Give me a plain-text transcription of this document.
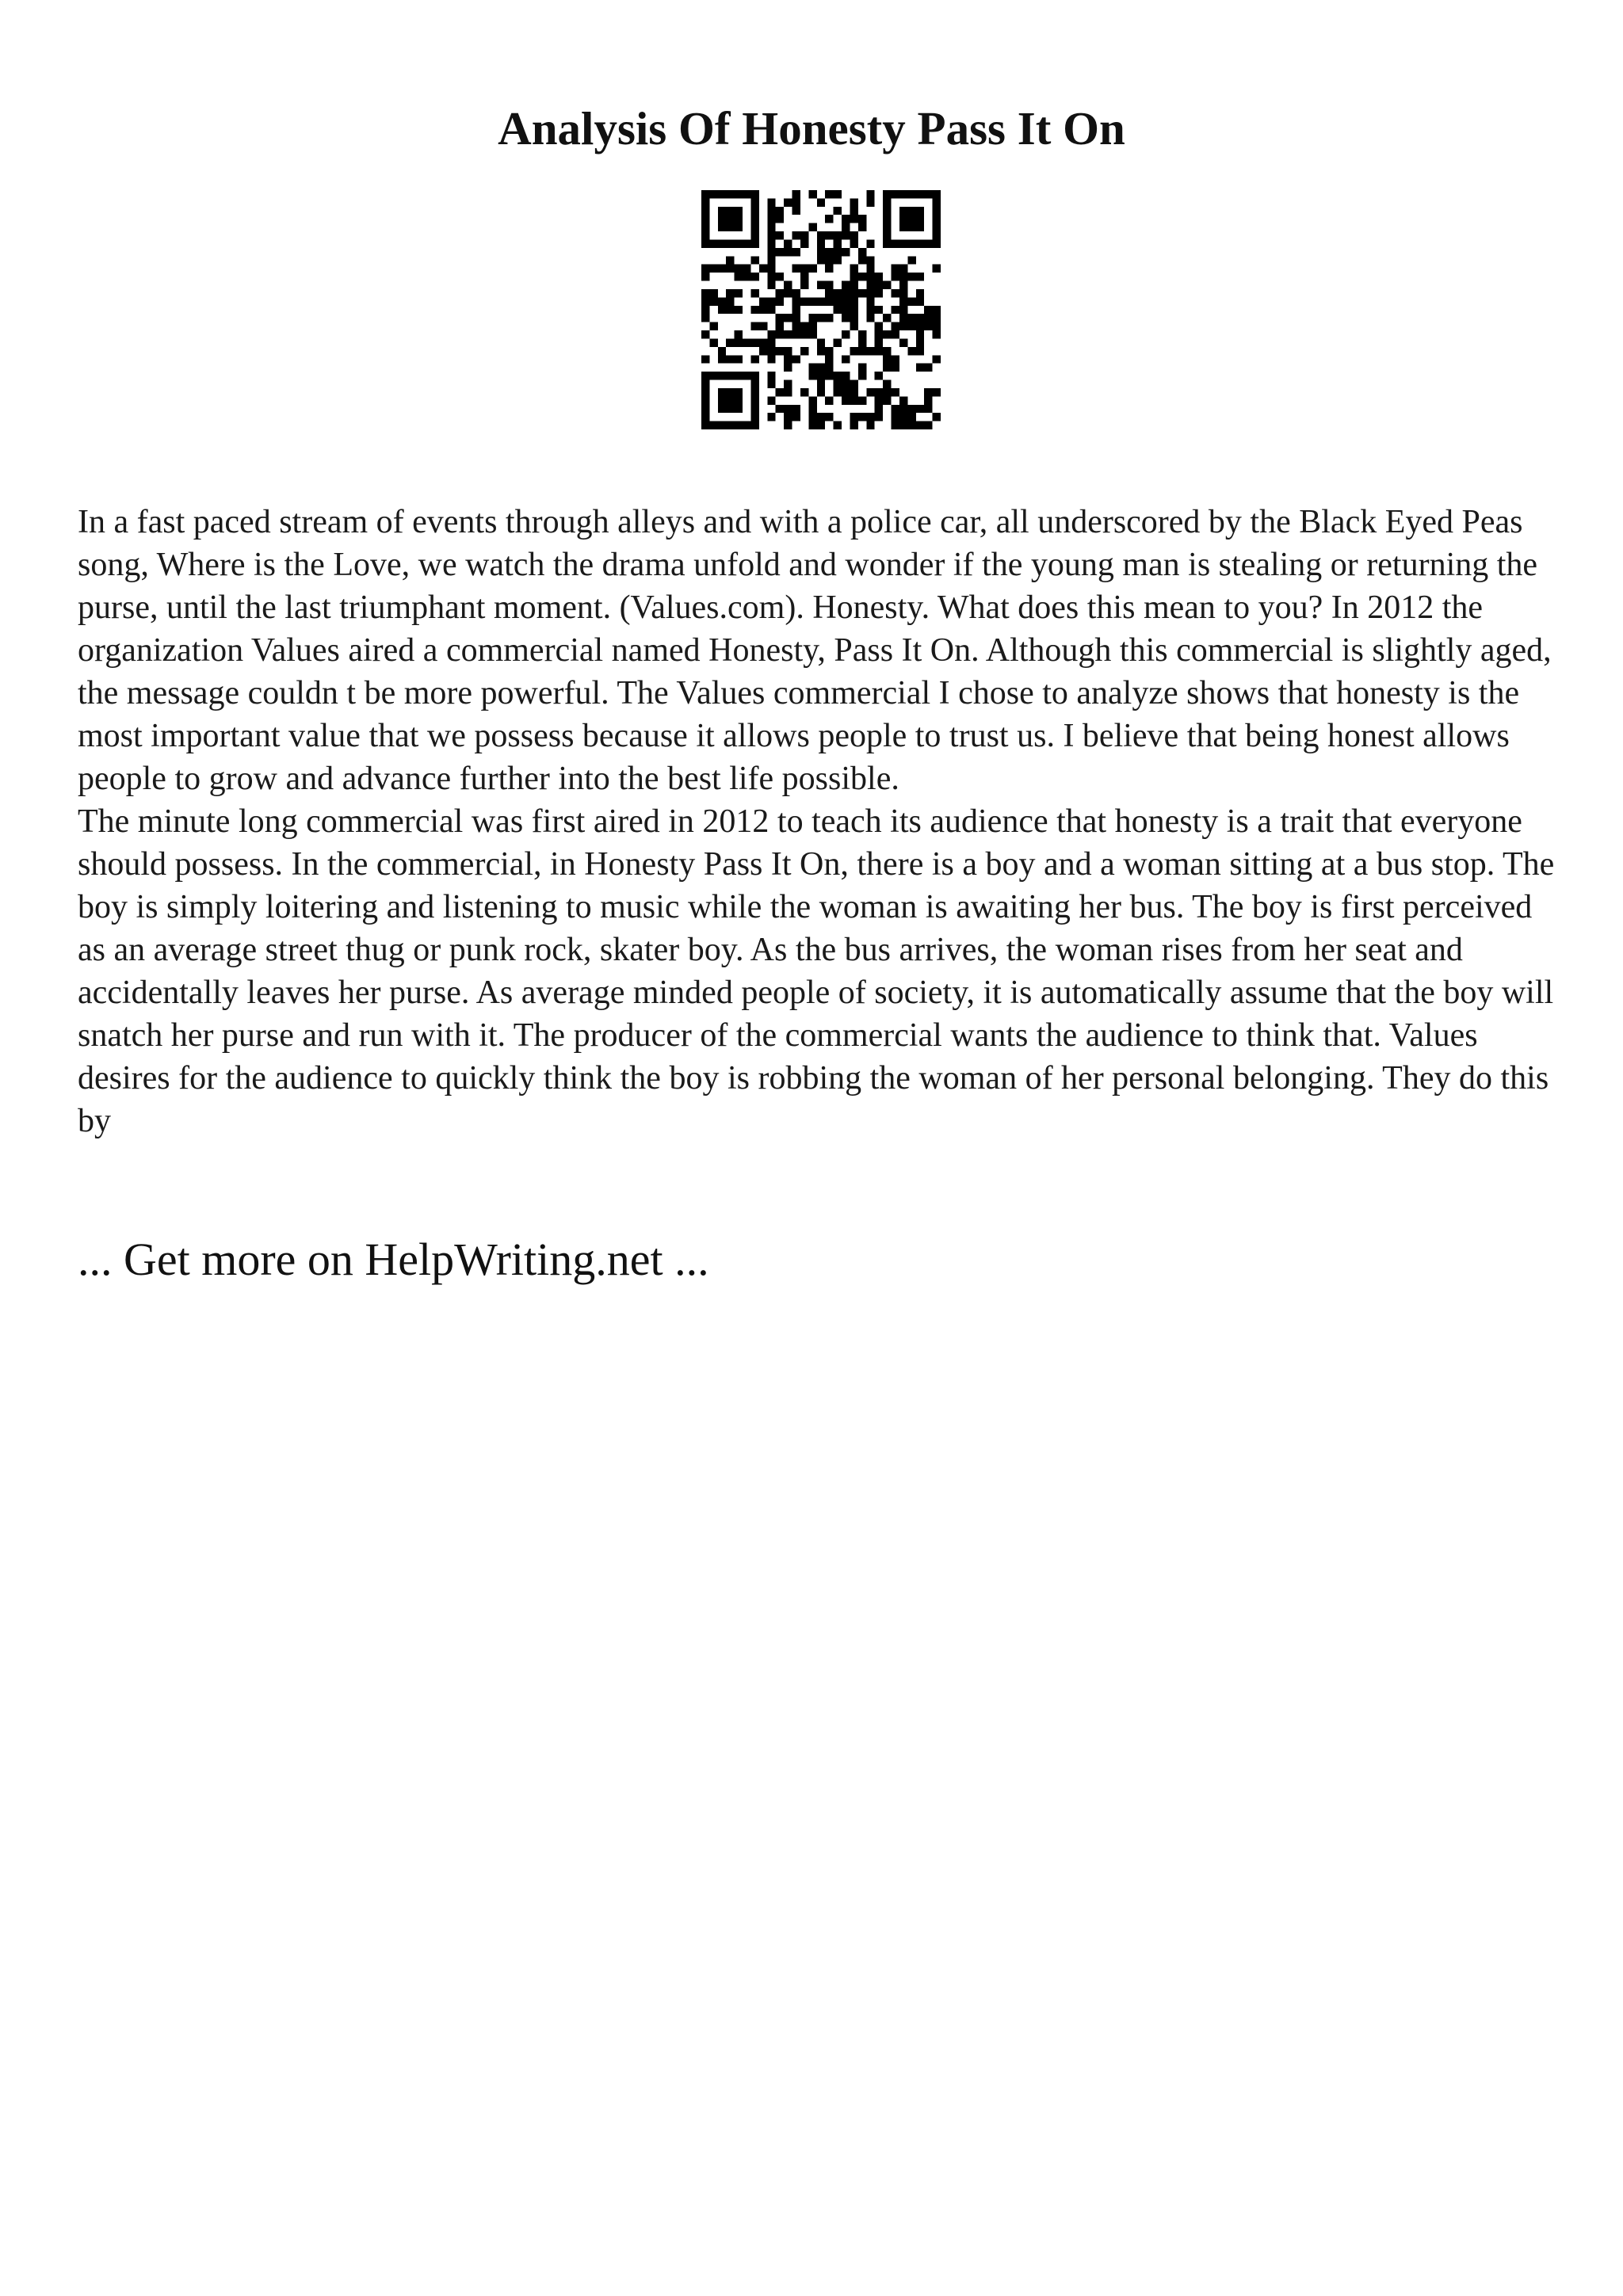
Analysis Of Honesty Pass It On

In a fast paced stream of events through alleys and with a police car, all underscored by the Black Eyed Peas song, Where is the Love, we watch the drama unfold and wonder if the young man is stealing or returning the purse, until the last triumphant moment. (Values.com). Honesty. What does this mean to you? In 2012 the organization Values aired a commercial named Honesty, Pass It On. Although this commercial is slightly aged, the message couldn t be more powerful. The Values commercial I chose to analyze shows that honesty is the most important value that we possess because it allows people to trust us. I believe that being honest allows people to grow and advance further into the best life possible.

The minute long commercial was first aired in 2012 to teach its audience that honesty is a trait that everyone should possess. In the commercial, in Honesty Pass It On, there is a boy and a woman sitting at a bus stop. The boy is simply loitering and listening to music while the woman is awaiting her bus. The boy is first perceived as an average street thug or punk rock, skater boy. As the bus arrives, the woman rises from her seat and accidentally leaves her purse. As average minded people of society, it is automatically assume that the boy will snatch her purse and run with it. The producer of the commercial wants the audience to think that. Values desires for the audience to quickly think the boy is robbing the woman of her personal belonging. They do this by

... Get more on HelpWriting.net ...
